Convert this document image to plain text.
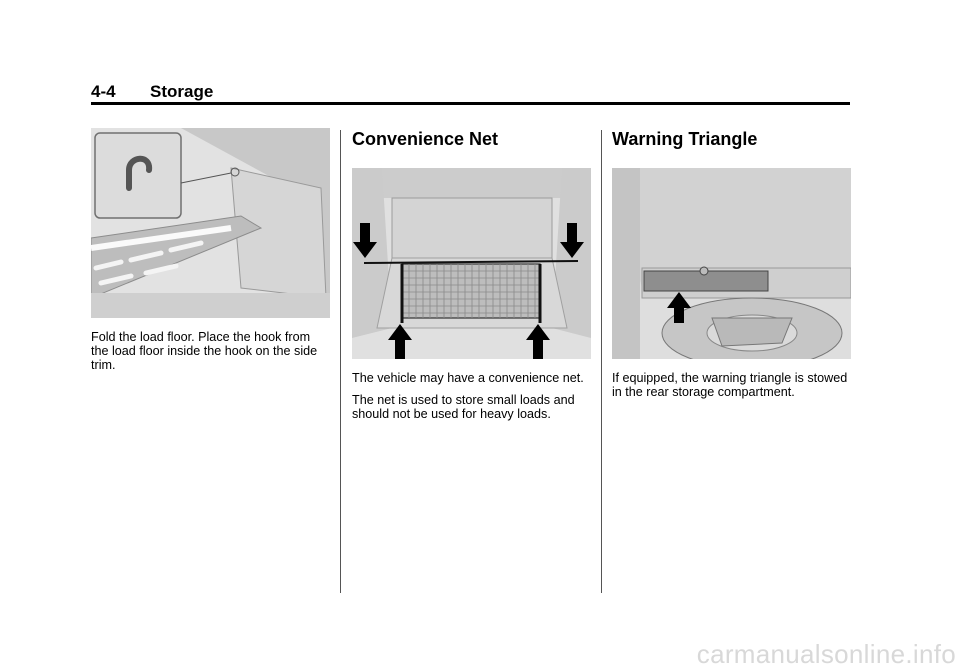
4-4 Storage

Fold the load floor. Place the hook from the load floor inside the hook on the side trim.

Convenience Net

The vehicle may have a convenience net.

The net is used to store small loads and should not be used for heavy loads.

Warning Triangle

If equipped, the warning triangle is stowed in the rear storage compartment.

carmanualsonline.info
